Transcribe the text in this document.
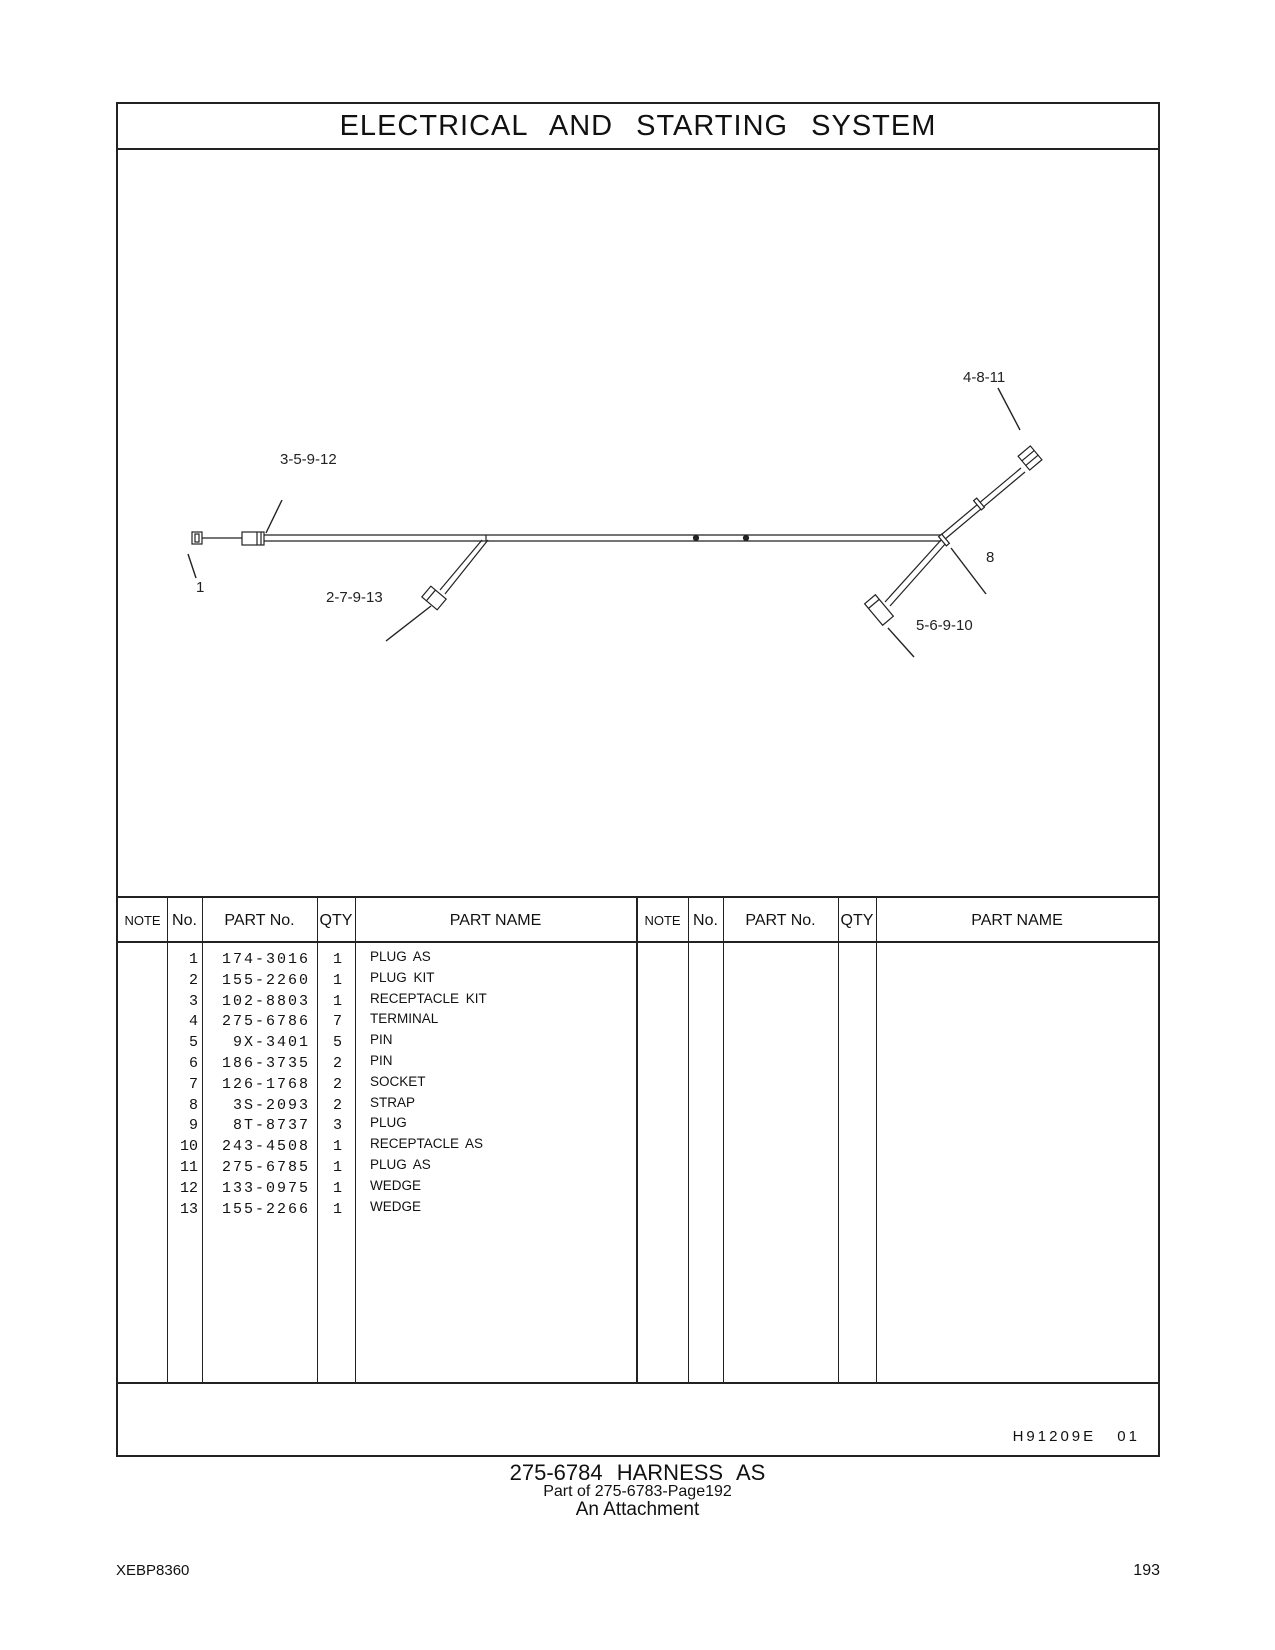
ELECTRICAL AND STARTING SYSTEM
4-8-11
3-5-9-12
1
8
2-7-9-13
5-6-9-10
NOTE No.	PART No.	QTY	PART NAME	NOTE No.	PART No.	QTY	PART NAME
1	174-3016	1 PLUG AS
2	155-2260	1 PLUG KIT
3	102-8803	1 RECEPTACLE KIT
4	275-6786	7 TERMINAL
5	9X-3401	5 PIN
6	186-3735	2 PIN
7	126-1768	2 SOCKET
8	3S-2093	2 STRAP
9	8T-8737	3 PLUG
10	243-4508	1 RECEPTACLE AS
11	275-6785	1 PLUG AS
12	133-0975	1 WEDGE
13	155-2266	1 WEDGE
H91209E 01
275-6784 HARNESS AS
Part of 275-6783-Page192
An Attachment
XEBP8360	193
